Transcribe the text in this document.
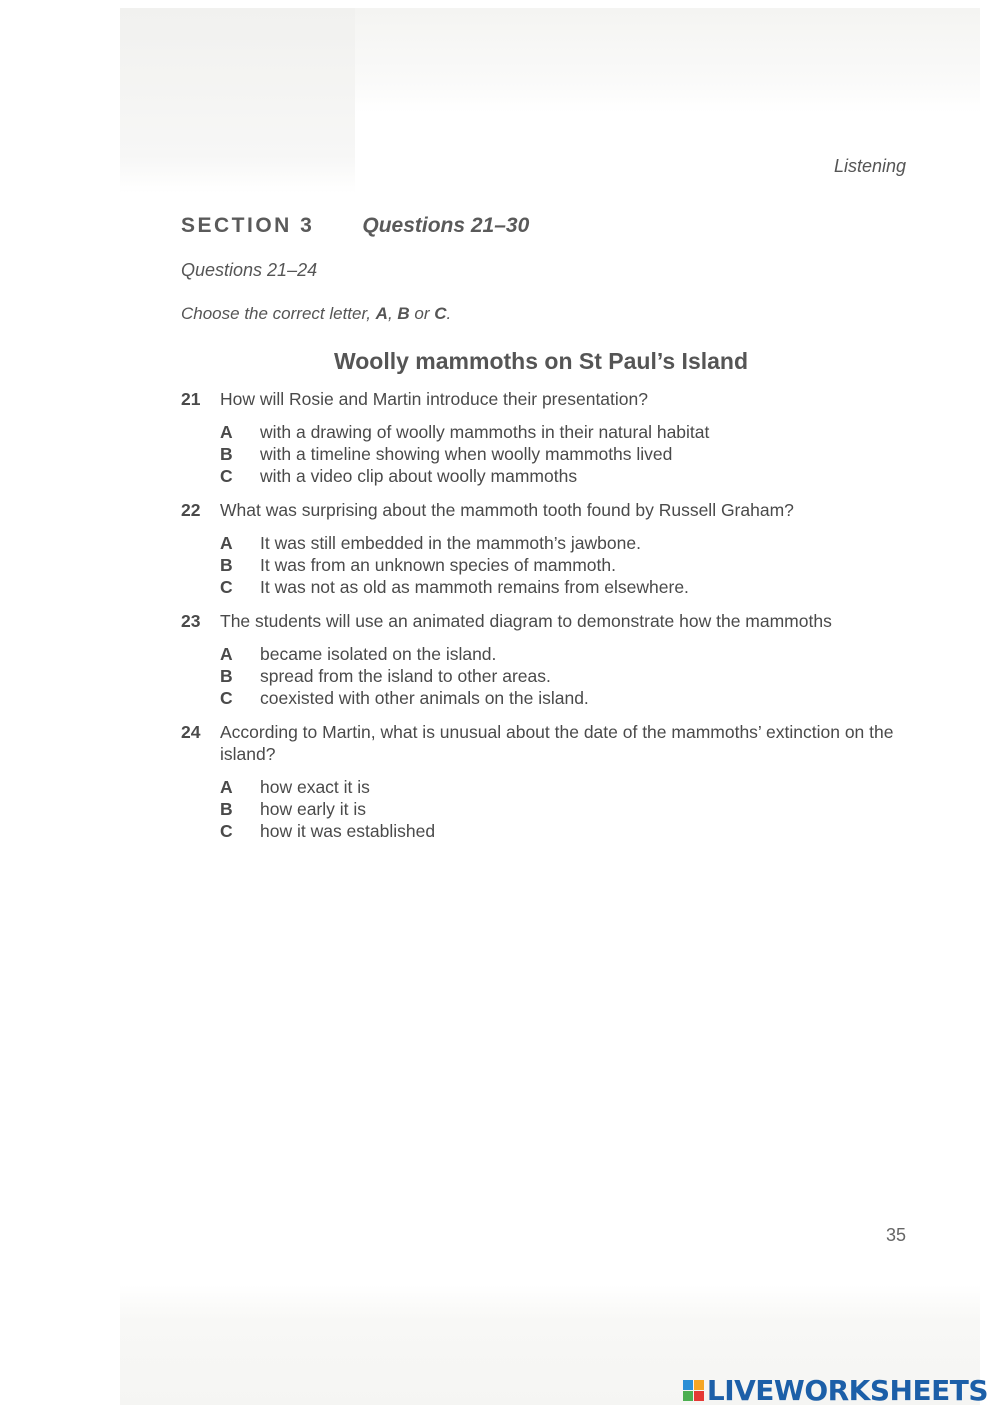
Listening
SECTION 3 Questions 21–30
Questions 21–24
Choose the correct letter, A, B or C.
Woolly mammoths on St Paul’s Island
21	How will Rosie and Martin introduce their presentation?
A	with a drawing of woolly mammoths in their natural habitat
B	with a timeline showing when woolly mammoths lived
C	with a video clip about woolly mammoths
22	What was surprising about the mammoth tooth found by Russell Graham?
A	It was still embedded in the mammoth’s jawbone.
B	It was from an unknown species of mammoth.
C	It was not as old as mammoth remains from elsewhere.
23	The students will use an animated diagram to demonstrate how the mammoths
A	became isolated on the island.
B	spread from the island to other areas.
C	coexisted with other animals on the island.
24	According to Martin, what is unusual about the date of the mammoths’ extinction on the island?
A	how exact it is
B	how early it is
C	how it was established
35
LIVEWORKSHEETS
